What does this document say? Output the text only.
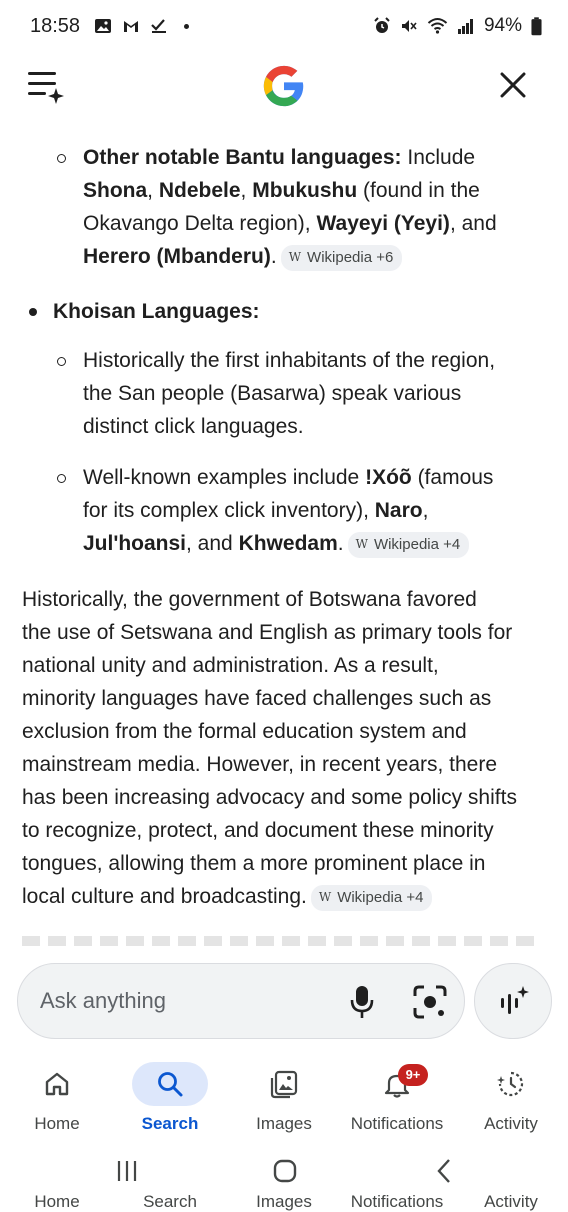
18:58	94%
Other notable Bantu languages: Include
Shona, Ndebele, Mbukushu (found in the
Okavango Delta region), Wayeyi (Yeyi), and
Herero (Mbanderu). W Wikipedia +6
Khoisan Languages:
Historically the first inhabitants of the region,
the San people (Basarwa) speak various
distinct click languages.
Well-known examples include !Xóõ (famous
for its complex click inventory), Naro,
Jul'hoansi, and Khwedam. W Wikipedia +4
Historically, the government of Botswana favored
the use of Setswana and English as primary tools for
national unity and administration. As a result,
minority languages have faced challenges such as
exclusion from the formal education system and
mainstream media. However, in recent years, there
has been increasing advocacy and some policy shifts
to recognize, protect, and document these minority
tongues, allowing them a more prominent place in
local culture and broadcasting. W Wikipedia +4
Ask anything
Home	Search	Images
9+
Notifications	Activity
Home	Search	Images	Notifications	Activity
